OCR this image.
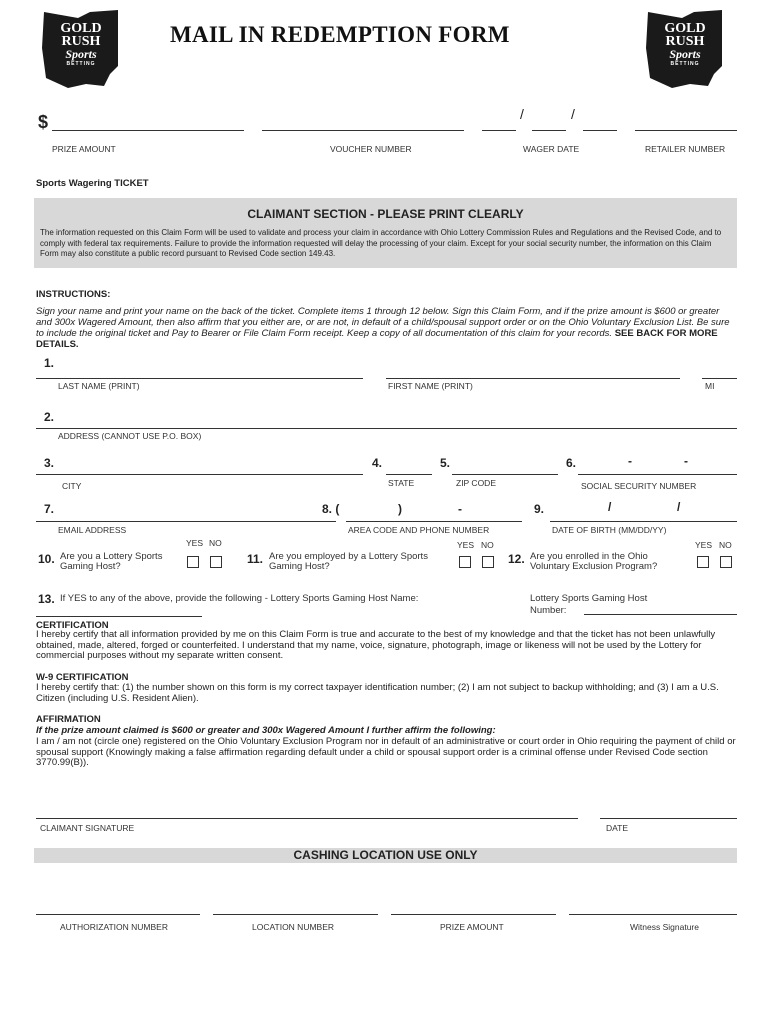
GOLD
RUSH
Sports
BETTING
GOLD
RUSH
Sports
BETTING
MAIL IN REDEMPTION FORM
$	/	/
PRIZE AMOUNT	VOUCHER NUMBER	WAGER DATE	RETAILER NUMBER
Sports Wagering TICKET
CLAIMANT SECTION - PLEASE PRINT CLEARLY
The information requested on this Claim Form will be used to validate and process your claim in accordance with Ohio Lottery Commission Rules and Regulations and the Revised Code, and to comply with federal tax requirements. Failure to provide the information requested will delay the processing of your claim. Except for your social security number, the information on this Claim Form may also constitute a public record pursuant to Revised Code section 149.43.
INSTRUCTIONS:
Sign your name and print your name on the back of the ticket. Complete items 1 through 12 below. Sign this Claim Form, and if the prize amount is $600 or greater and 300x Wagered Amount, then also affirm that you either are, or are not, in default of a child/spousal support order or on the Ohio Voluntary Exclusion List. Be sure to include the original ticket and Pay to Bearer or File Claim Form receipt. Keep a copy of all documentation of this claim for your records. SEE BACK FOR MORE DETAILS.
1.
LAST NAME (PRINT)	FIRST NAME (PRINT)	MI
2.
ADDRESS (CANNOT USE P.O. BOX)
3.	4.	5.	6.	-	-
CITY	STATE	ZIP CODE	SOCIAL SECURITY NUMBER
7.	8. (	)	-	9.	/	/
EMAIL ADDRESS	AREA CODE AND PHONE NUMBER	DATE OF BIRTH (MM/DD/YY)
YES NO	YES NO	YES NO
10. Are you a Lottery Sports Gaming Host?
11. Are you employed by a Lottery Sports Gaming Host?
12. Are you enrolled in the Ohio Voluntary Exclusion Program?
13. If YES to any of the above, provide the following - Lottery Sports Gaming Host Name:	Lottery Sports Gaming Host Number:
CERTIFICATION
I hereby certify that all information provided by me on this Claim Form is true and accurate to the best of my knowledge and that the ticket has not been unlawfully obtained, made, altered, forged or counterfeited. I understand that my name, voice, signature, photograph, image or likeness will not be used by the Lottery for commercial purposes without my separate written consent.
W-9 CERTIFICATION
I hereby certify that: (1) the number shown on this form is my correct taxpayer identification number; (2) I am not subject to backup withholding; and (3) I am a U.S. Citizen (including U.S. Resident Alien).
AFFIRMATION
If the prize amount claimed is $600 or greater and 300x Wagered Amount I further affirm the following:
I am / am not (circle one) registered on the Ohio Voluntary Exclusion Program nor in default of an administrative or court order in Ohio requiring the payment of child or spousal support (Knowingly making a false affirmation regarding default under a child or spousal support order is a criminal offense under Revised Code section 3770.99(B)).
CLAIMANT SIGNATURE	DATE
CASHING LOCATION USE ONLY
AUTHORIZATION NUMBER	LOCATION NUMBER	PRIZE AMOUNT	Witness Signature
